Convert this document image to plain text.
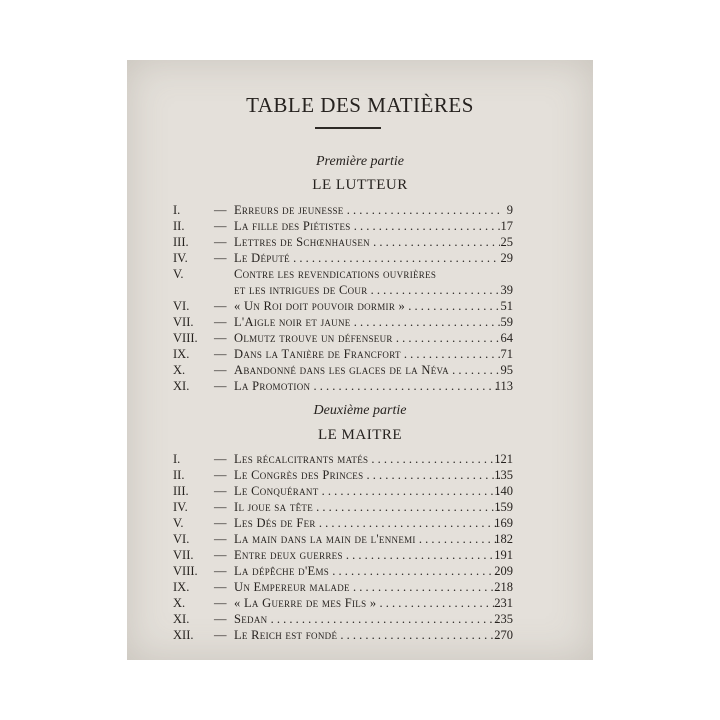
TABLE DES MATIÈRES
Première partie
LE LUTTEUR
I.	— Erreurs de jeunesse . . .	9
II. — La fille des Piétistes . . .	17
III. — Lettres de Schœnhausen . . .	25
IV. — Le Député . . .	29
V.	Contre les revendications ouvrières
et les intrigues de Cour . . .	39
VI. — « Un Roi doit pouvoir dormir » . . .	51
VII. — L'Aigle noir et jaune . . .	59
VIII. — Olmutz trouve un défenseur . . .	64
IX. — Dans la Tanière de Francfort . . .	71
X. — Abandonné dans les glaces de la Néva . . .	95
XI. — La Promotion . . .	113
Deuxième partie
LE MAITRE
I.	— Les récalcitrants matés . . .	121
II. — Le Congrès des Princes . . .	135
III. — Le Conquérant . . .	140
IV. — Il joue sa tête . . .	159
V. — Les Dés de Fer . . .	169
VI. — La main dans la main de l'ennemi . . .	182
VII. — Entre deux guerres . . .	191
VIII. — La dépêche d'Ems . . .	209
IX. — Un Empereur malade . . .	218
X. — « La Guerre de mes Fils » . . .	231
XI. — Sedan . . .	235
XII. — Le Reich est fondé . . .	270
